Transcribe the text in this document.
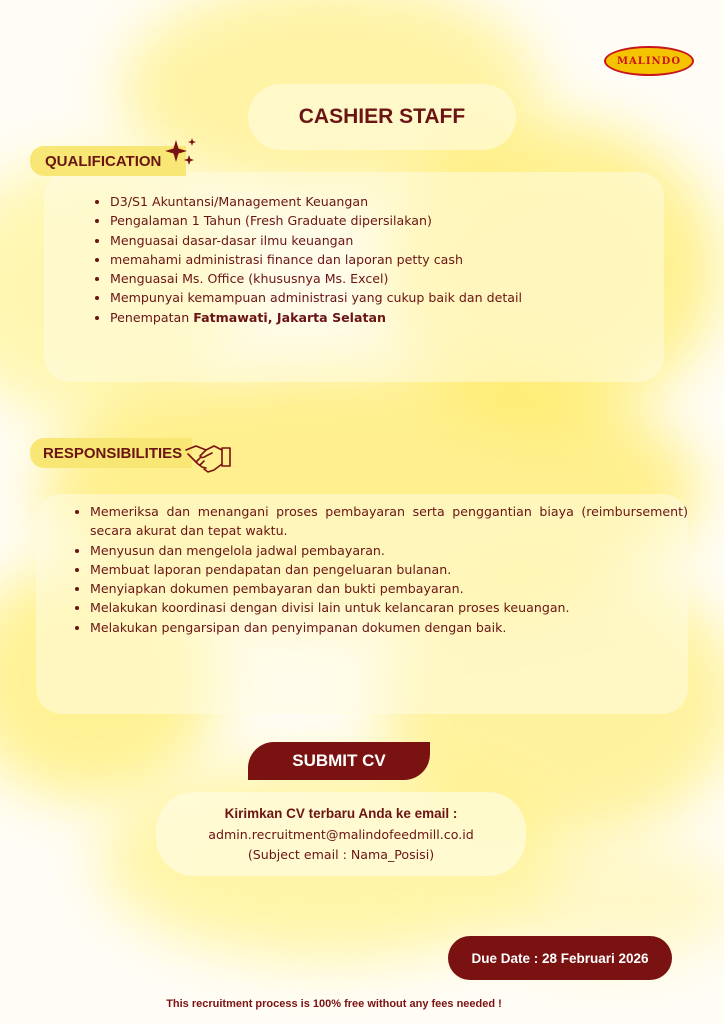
MALINDO
CASHIER STAFF
QUALIFICATION
• D3/S1 Akuntansi/Management Keuangan
• Pengalaman 1 Tahun (Fresh Graduate dipersilakan)
• Menguasai dasar-dasar ilmu keuangan
• memahami administrasi finance dan laporan petty cash
• Menguasai Ms. Office (khususnya Ms. Excel)
• Mempunyai kemampuan administrasi yang cukup baik dan detail
• Penempatan Fatmawati, Jakarta Selatan
RESPONSIBILITIES
• Memeriksa dan menangani proses pembayaran serta penggantian biaya (reimbursement) secara akurat dan tepat waktu.
• Menyusun dan mengelola jadwal pembayaran.
• Membuat laporan pendapatan dan pengeluaran bulanan.
• Menyiapkan dokumen pembayaran dan bukti pembayaran.
• Melakukan koordinasi dengan divisi lain untuk kelancaran proses keuangan.
• Melakukan pengarsipan dan penyimpanan dokumen dengan baik.
SUBMIT CV
Kirimkan CV terbaru Anda ke email :
admin.recruitment@malindofeedmill.co.id
(Subject email : Nama_Posisi)
Due Date : 28 Februari 2026
This recruitment process is 100% free without any fees needed !
